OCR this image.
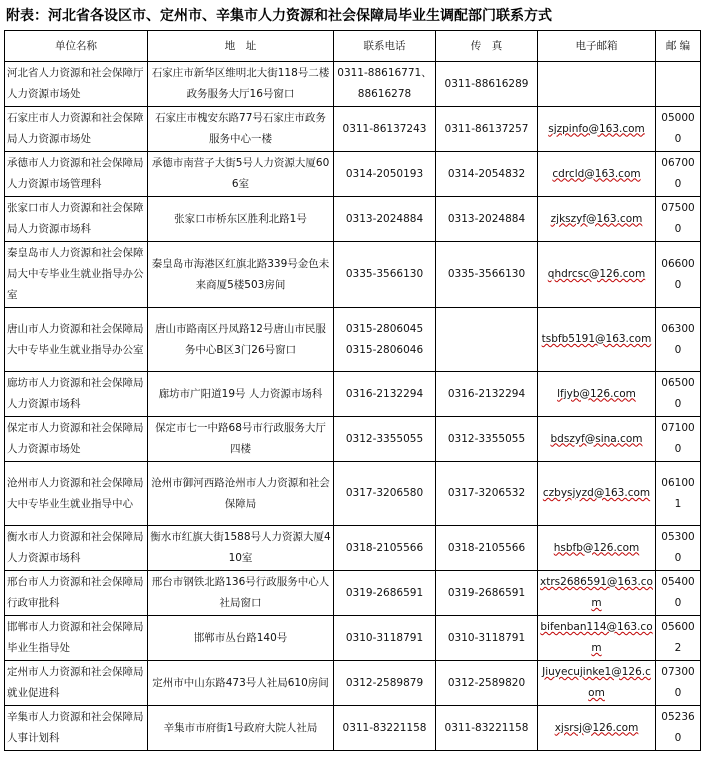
附表：河北省各设区市、定州市、辛集市人力资源和社会保障局毕业生调配部门联系方式
单位名称	地　址	联系电话	传　真	电子邮箱	邮 编
河北省人力资源和社会保障厅人力资源市场处	石家庄市新华区维明北大街118号二楼政务服务大厅16号窗口	0311-88616771、88616278	0311-88616289		
石家庄市人力资源和社会保障局人力资源市场处	石家庄市槐安东路77号石家庄市政务服务中心一楼	0311-86137243	0311-86137257	sjzpinfo@163.com	050000
承德市人力资源和社会保障局人力资源市场管理科	承德市南营子大街5号人力资源大厦606室	0314-2050193	0314-2054832	cdrcld@163.com	067000
张家口市人力资源和社会保障局人力资源市场科	张家口市桥东区胜利北路1号	0313-2024884	0313-2024884	zjkszyf@163.com	075000
秦皇岛市人力资源和社会保障局大中专毕业生就业指导办公室	秦皇岛市海港区红旗北路339号金色未来商厦5楼503房间	0335-3566130	0335-3566130	qhdrcsc@126.com	066000
唐山市人力资源和社会保障局大中专毕业生就业指导办公室	唐山市路南区丹凤路12号唐山市民服务中心B区3门26号窗口	0315-2806045
0315-2806046		tsbfb5191@163.com	063000
廊坊市人力资源和社会保障局人力资源市场科	廊坊市广阳道19号 人力资源市场科	0316-2132294	0316-2132294	lfjyb@126.com	065000
保定市人力资源和社会保障局人力资源市场处	保定市七一中路68号市行政服务大厅四楼	0312-3355055	0312-3355055	bdszyf@sina.com	071000
沧州市人力资源和社会保障局大中专毕业生就业指导中心	沧州市御河西路沧州市人力资源和社会保障局	0317-3206580	0317-3206532	czbysjyzd@163.com	061001
衡水市人力资源和社会保障局人力资源市场科	衡水市红旗大街1588号人力资源大厦410室	0318-2105566	0318-2105566	hsbfb@126.com	053000
邢台市人力资源和社会保障局行政审批科	邢台市钢铁北路136号行政服务中心人社局窗口	0319-2686591	0319-2686591	xtrs2686591@163.com	054000
邯郸市人力资源和社会保障局毕业生指导处	邯郸市丛台路140号	0310-3118791	0310-3118791	bifenban114@163.com	056002
定州市人力资源和社会保障局就业促进科	定州市中山东路473号人社局610房间	0312-2589879	0312-2589820	Jiuyecujinke1@126.com	073000
辛集市人力资源和社会保障局人事计划科	辛集市市府街1号政府大院人社局	0311-83221158	0311-83221158	xjsrsj@126.com	052360
